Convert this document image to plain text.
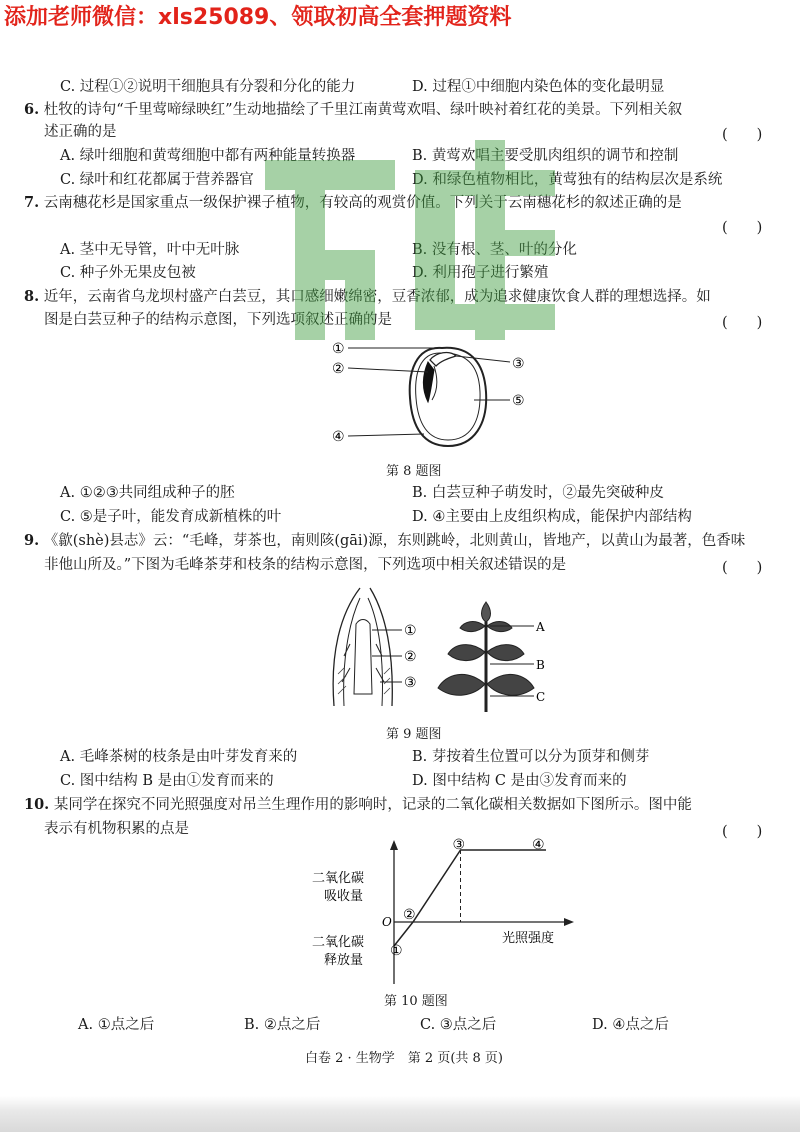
添加老师微信：xls25089、领取初高全套押题资料
C. 过程①②说明干细胞具有分裂和分化的能力	D. 过程①中细胞内染色体的变化最明显
6. 杜牧的诗句“千里莺啼绿映红”生动地描绘了千里江南黄莺欢唱、绿叶映衬着红花的美景。下列相关叙
述正确的是	(　　)
A. 绿叶细胞和黄莺细胞中都有两种能量转换器	B. 黄莺欢唱主要受肌肉组织的调节和控制
C. 绿叶和红花都属于营养器官	D. 和绿色植物相比，黄莺独有的结构层次是系统
7. 云南穗花杉是国家重点一级保护裸子植物，有较高的观赏价值。下列关于云南穗花杉的叙述正确的是
(　　)
A. 茎中无导管，叶中无叶脉	B. 没有根、茎、叶的分化
C. 种子外无果皮包被	D. 利用孢子进行繁殖
8. 近年，云南省乌龙坝村盛产白芸豆，其口感细嫩绵密，豆香浓郁，成为追求健康饮食人群的理想选择。如
图是白芸豆种子的结构示意图，下列选项叙述正确的是	(　　)
①
②	③
⑤
④
第 8 题图
A. ①②③共同组成种子的胚	B. 白芸豆种子萌发时，②最先突破种皮
C. ⑤是子叶，能发育成新植株的叶	D. ④主要由上皮组织构成，能保护内部结构
9. 《歙(shè)县志》云：“毛峰，芽茶也，南则陔(gāi)源，东则跳岭，北则黄山，皆地产，以黄山为最著，色香味
非他山所及。”下图为毛峰茶芽和枝条的结构示意图，下列选项中相关叙述错误的是	(　　)
①
②
③
A
B
C
第 9 题图
A. 毛峰茶树的枝条是由叶芽发育来的	B. 芽按着生位置可以分为顶芽和侧芽
C. 图中结构 B 是由①发育而来的	D. 图中结构 C 是由③发育而来的
10. 某同学在探究不同光照强度对吊兰生理作用的影响时，记录的二氧化碳相关数据如下图所示。图中能
表示有机物积累的点是	(　　)
①
②
③	④
二氧化碳
吸收量
O
光照强度
二氧化碳
释放量
第 10 题图
A. ①点之后	B. ②点之后	C. ③点之后	D. ④点之后
白卷 2 · 生物学　第 2 页(共 8 页)
